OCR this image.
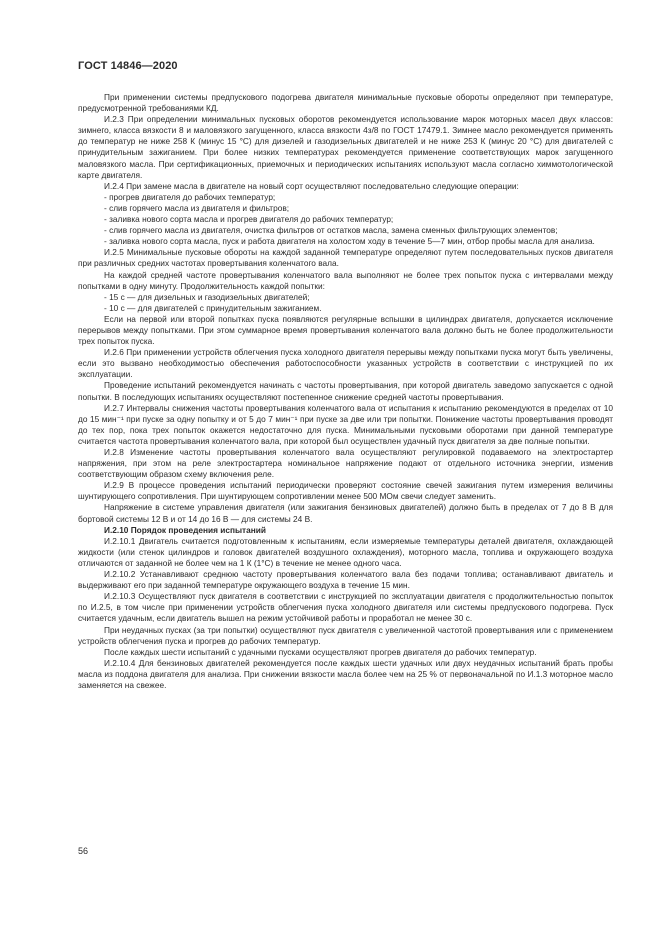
ГОСТ 14846—2020

При применении системы предпускового подогрева двигателя минимальные пусковые обороты определяют при температуре, предусмотренной требованиями КД.

И.2.3 При определении минимальных пусковых оборотов рекомендуется использование марок моторных масел двух классов: зимнего, класса вязкости 8 и маловязкого загущенного, класса вязкости 4з/8 по ГОСТ 17479.1. Зимнее масло рекомендуется применять до температур не ниже 258 К (минус 15 °С) для дизелей и газодизельных двигателей и не ниже 253 К (минус 20 °С) для двигателей с принудительным зажиганием. При более низких температурах рекомендуется применение соответствующих марок загущенного маловязкого масла. При сертификационных, приемочных и периодических испытаниях используют масла согласно химмотологической карте двигателя.

И.2.4 При замене масла в двигателе на новый сорт осуществляют последовательно следующие операции:

- прогрев двигателя до рабочих температур;

- слив горячего масла из двигателя и фильтров;

- заливка нового сорта масла и прогрев двигателя до рабочих температур;

- слив горячего масла из двигателя, очистка фильтров от остатков масла, замена сменных фильтрующих элементов;

- заливка нового сорта масла, пуск и работа двигателя на холостом ходу в течение 5—7 мин, отбор пробы масла для анализа.

И.2.5 Минимальные пусковые обороты на каждой заданной температуре определяют путем последовательных пусков двигателя при различных средних частотах провертывания коленчатого вала.

На каждой средней частоте провертывания коленчатого вала выполняют не более трех попыток пуска с интервалами между попытками в одну минуту. Продолжительность каждой попытки:

- 15 с — для дизельных и газодизельных двигателей;

- 10 с — для двигателей с принудительным зажиганием.

Если на первой или второй попытках пуска появляются регулярные вспышки в цилиндрах двигателя, допускается исключение перерывов между попытками. При этом суммарное время провертывания коленчатого вала должно быть не более продолжительности трех попыток пуска.

И.2.6 При применении устройств облегчения пуска холодного двигателя перерывы между попытками пуска могут быть увеличены, если это вызвано необходимостью обеспечения работоспособности указанных устройств в соответствии с инструкцией по их эксплуатации.

Проведение испытаний рекомендуется начинать с частоты провертывания, при которой двигатель заведомо запускается с одной попытки. В последующих испытаниях осуществляют постепенное снижение средней частоты провертывания.

И.2.7 Интервалы снижения частоты провертывания коленчатого вала от испытания к испытанию рекомендуются в пределах от 10 до 15 мин⁻¹ при пуске за одну попытку и от 5 до 7 мин⁻¹ при пуске за две или три попытки. Понижение частоты провертывания проводят до тех пор, пока трех попыток окажется недостаточно для пуска. Минимальными пусковыми оборотами при данной температуре считается частота провертывания коленчатого вала, при которой был осуществлен удачный пуск двигателя за две полные попытки.

И.2.8 Изменение частоты провертывания коленчатого вала осуществляют регулировкой подаваемого на электростартер напряжения, при этом на реле электростартера номинальное напряжение подают от отдельного источника энергии, изменив соответствующим образом схему включения реле.

И.2.9 В процессе проведения испытаний периодически проверяют состояние свечей зажигания путем измерения величины шунтирующего сопротивления. При шунтирующем сопротивлении менее 500 МОм свечи следует заменить.

Напряжение в системе управления двигателя (или зажигания бензиновых двигателей) должно быть в пределах от 7 до 8 В для бортовой системы 12 В и от 14 до 16 В — для системы 24 В.

И.2.10 Порядок проведения испытаний

И.2.10.1 Двигатель считается подготовленным к испытаниям, если измеряемые температуры деталей двигателя, охлаждающей жидкости (или стенок цилиндров и головок двигателей воздушного охлаждения), моторного масла, топлива и окружающего воздуха отличаются от заданной не более чем на 1 К (1°С) в течение не менее одного часа.

И.2.10.2 Устанавливают среднюю частоту провертывания коленчатого вала без подачи топлива; останавливают двигатель и выдерживают его при заданной температуре окружающего воздуха в течение 15 мин.

И.2.10.3 Осуществляют пуск двигателя в соответствии с инструкцией по эксплуатации двигателя с продолжительностью попыток по И.2.5, в том числе при применении устройств облегчения пуска холодного двигателя или системы предпускового подогрева. Пуск считается удачным, если двигатель вышел на режим устойчивой работы и проработал не менее 30 с.

При неудачных пусках (за три попытки) осуществляют пуск двигателя с увеличенной частотой провертывания или с применением устройств облегчения пуска и прогрев до рабочих температур.

После каждых шести испытаний с удачными пусками осуществляют прогрев двигателя до рабочих температур.

И.2.10.4 Для бензиновых двигателей рекомендуется после каждых шести удачных или двух неудачных испытаний брать пробы масла из поддона двигателя для анализа. При снижении вязкости масла более чем на 25 % от первоначальной по И.1.3 моторное масло заменяется на свежее.

56
